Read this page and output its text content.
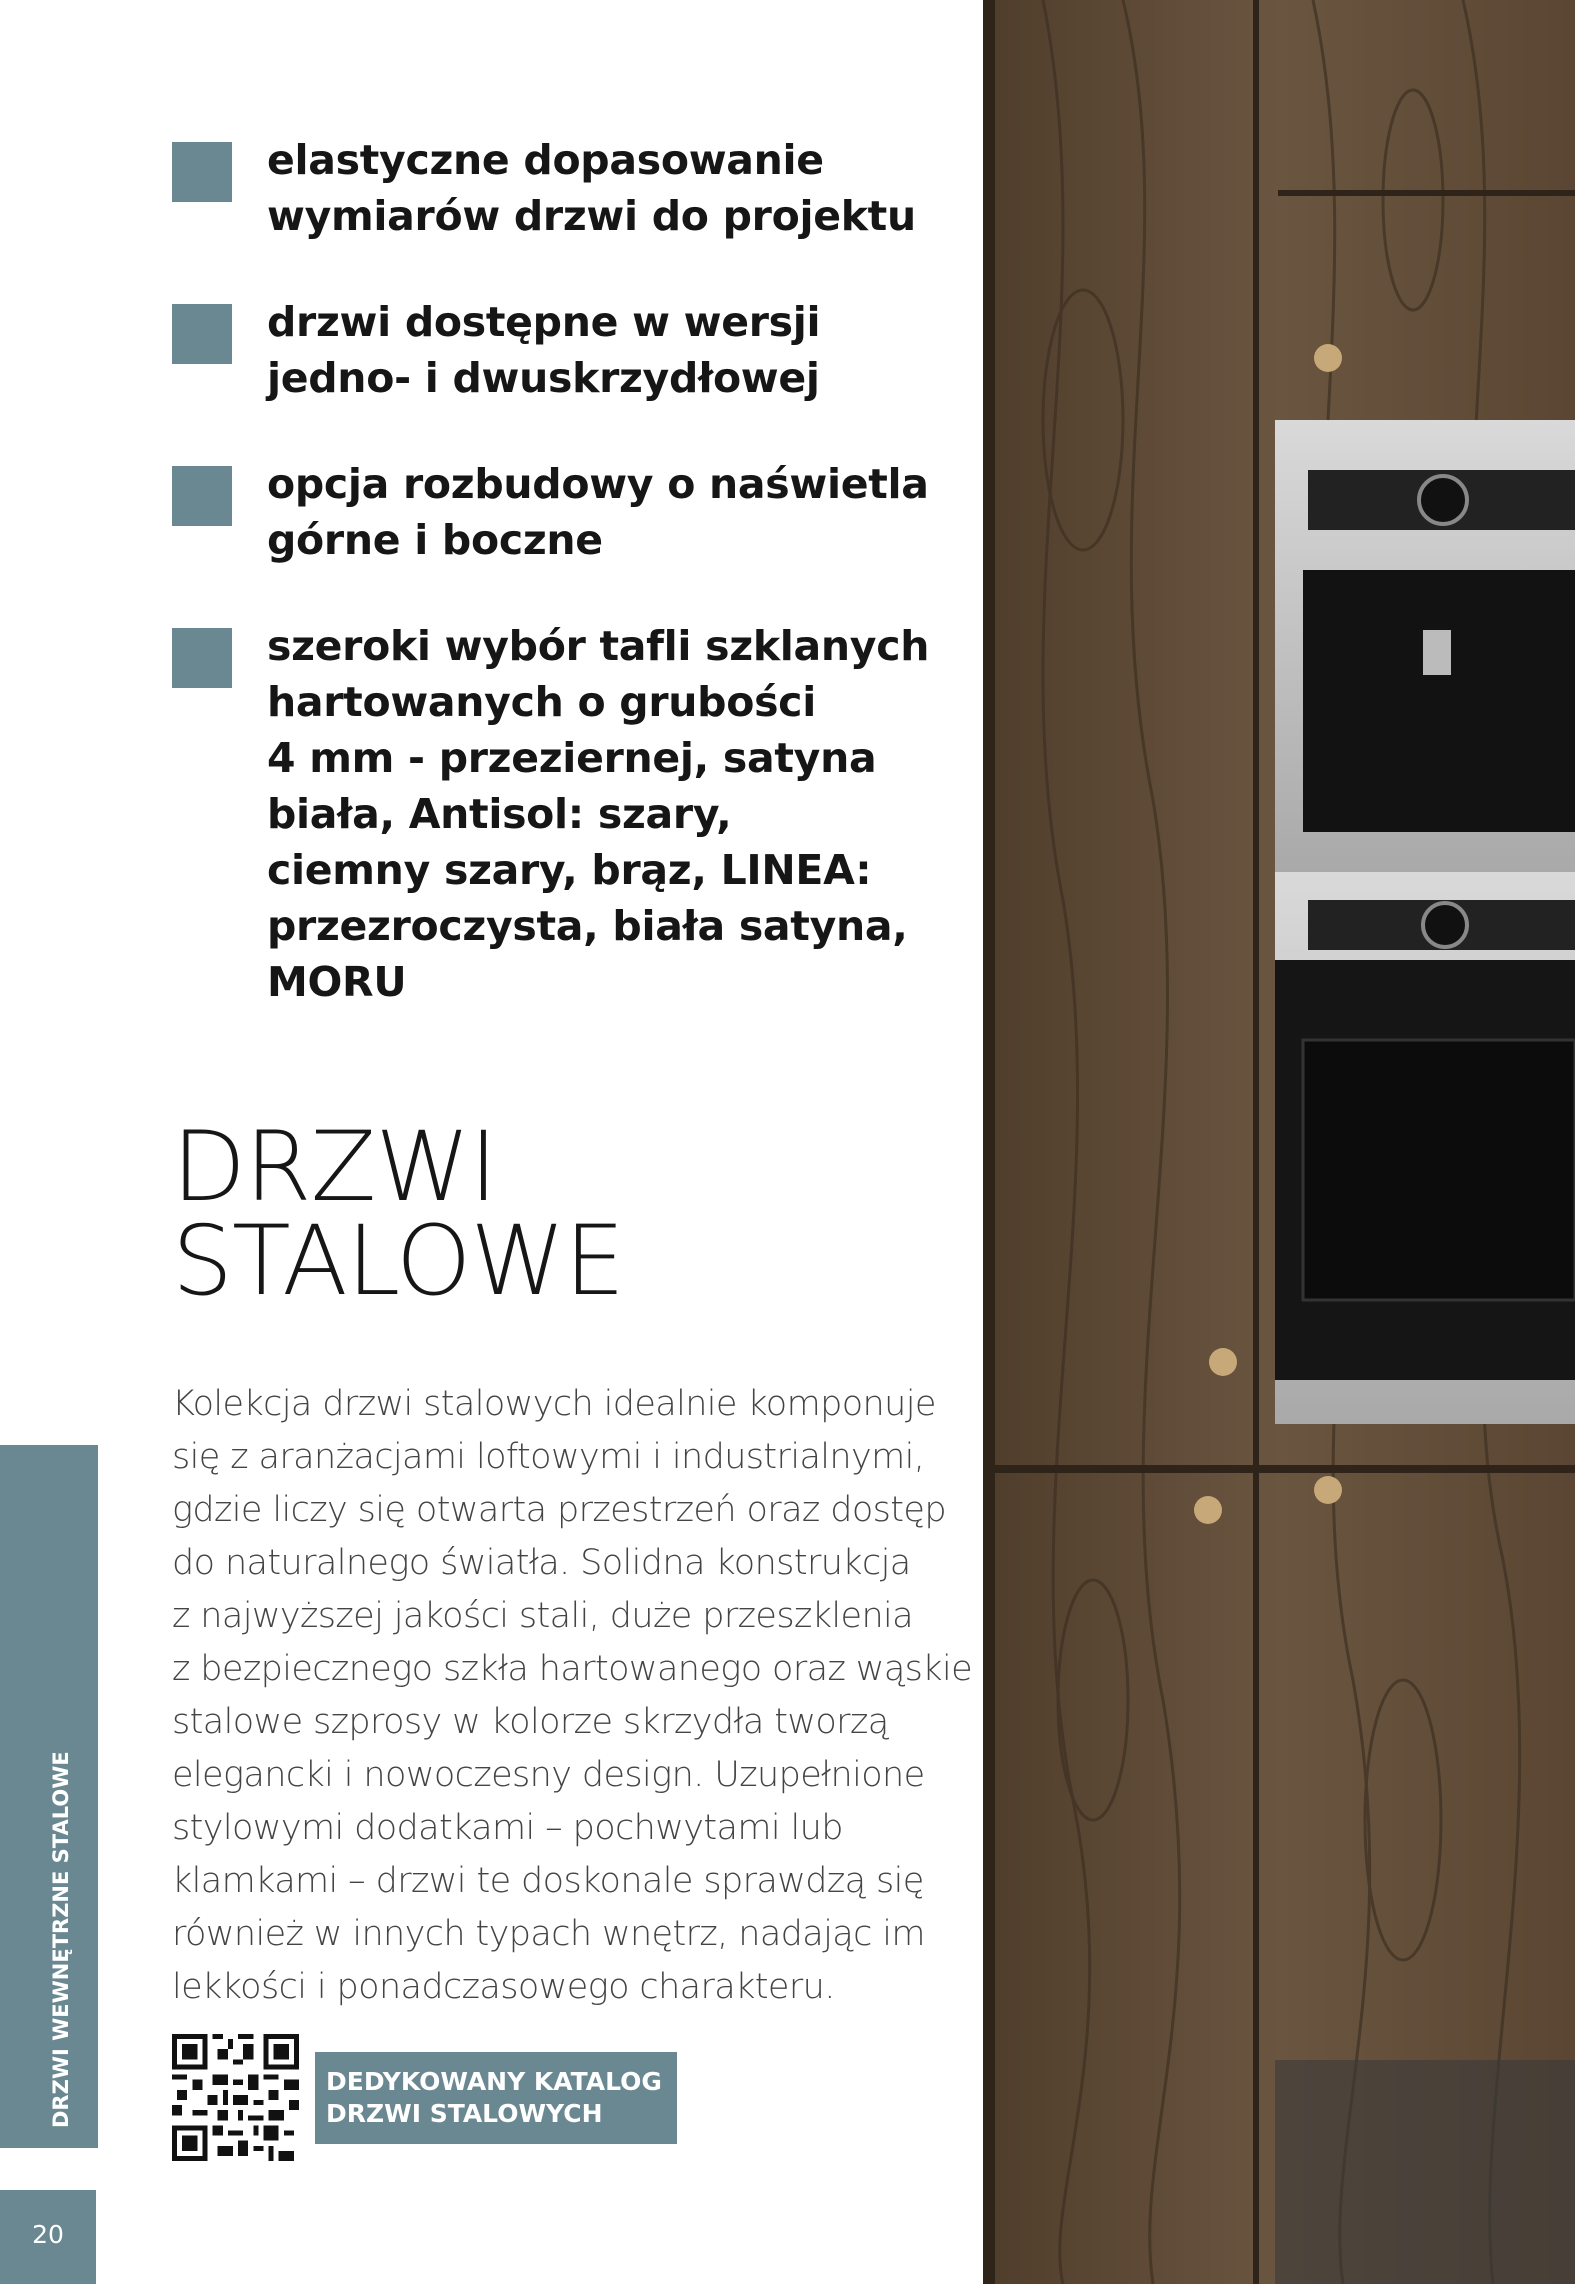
elastyczne dopasowanie
wymiarów drzwi do projektu
drzwi dostępne w wersji
jedno- i dwuskrzydłowej
opcja rozbudowy o naświetla
górne i boczne
szeroki wybór tafli szklanych
hartowanych o grubości
4 mm - przeziernej, satyna
biała, Antisol: szary,
ciemny szary, brąz, LINEA:
przezroczysta, biała satyna,
MORU
DRZWI
STALOWE
Kolekcja drzwi stalowych idealnie komponuje
się z aranżacjami loftowymi i industrialnymi,
gdzie liczy się otwarta przestrzeń oraz dostęp
do naturalnego światła. Solidna konstrukcja
z najwyższej jakości stali, duże przeszklenia
z bezpiecznego szkła hartowanego oraz wąskie
stalowe szprosy w kolorze skrzydła tworzą
elegancki i nowoczesny design. Uzupełnione
stylowymi dodatkami – pochwytami lub
klamkami – drzwi te doskonale sprawdzą się
również w innych typach wnętrz, nadając im
lekkości i ponadczasowego charakteru.
DEDYKOWANY KATALOG
DRZWI STALOWYCH
DRZWI WEWNĘTRZNE STALOWE
20
